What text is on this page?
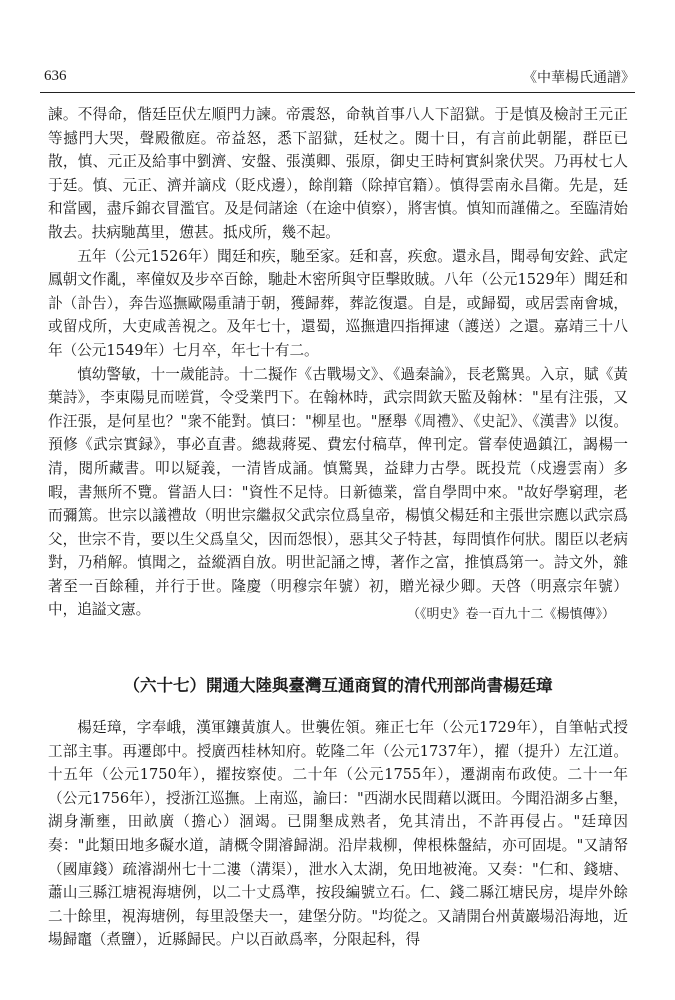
636	《中華楊氏通譜》

諫。不得命，偕廷臣伏左順門力諫。帝震怒，命執首事八人下詔獄。于是慎及檢討王元正等撼門大哭，聲殿徹庭。帝益怒，悉下詔獄，廷杖之。閱十日，有言前此朝罷，群臣已散，慎、元正及給事中劉濟、安盤、張漢卿、張原，御史王時柯實糾衆伏哭。乃再杖七人于廷。慎、元正、濟并謫戍（貶戍邊），餘削籍（除掉官籍）。慎得雲南永昌衛。先是，廷和當國，盡斥錦衣冒濫官。及是伺諸途（在途中偵察），將害慎。慎知而謹備之。至臨清始散去。扶病馳萬里，憊甚。抵戍所，幾不起。

五年（公元1526年）聞廷和疾，馳至家。廷和喜，疾愈。還永昌，聞尋甸安銓、武定鳳朝文作亂，率僮奴及步卒百餘，馳赴木密所與守臣擊敗賊。八年（公元1529年）聞廷和訃（訃告），奔告巡撫歐陽重請于朝，獲歸葬，葬訖復還。自是，或歸蜀，或居雲南會城，或留戍所，大吏咸善視之。及年七十，還蜀，巡撫遣四指揮逮（護送）之還。嘉靖三十八年（公元1549年）七月卒，年七十有二。

慎幼警敏，十一歲能詩。十二擬作《古戰場文》、《過秦論》，長老驚異。入京，賦《黃葉詩》，李東陽見而嗟賞，令受業門下。在翰林時，武宗問欽天監及翰林："星有注張，又作汪張，是何星也？"衆不能對。慎曰："柳星也。"歷舉《周禮》、《史記》、《漢書》以復。預修《武宗實録》，事必直書。總裁蔣冕、費宏付稿草，俾刊定。嘗奉使過鎮江，謁楊一清，閱所藏書。叩以疑義，一清皆成誦。慎驚異，益肆力古學。既投荒（戍邊雲南）多暇，書無所不覽。嘗語人曰："資性不足恃。日新德業，當自學問中來。"故好學窮理，老而彌篤。世宗以議禮故（明世宗繼叔父武宗位爲皇帝，楊慎父楊廷和主張世宗應以武宗爲父，世宗不肯，要以生父爲皇父，因而怨恨），惡其父子特甚，每問慎作何狀。閣臣以老病對，乃稍解。慎聞之，益縱酒自放。明世記誦之博，著作之富，推慎爲第一。詩文外，雜著至一百餘種，并行于世。隆慶（明穆宗年號）初，贈光禄少卿。天啓（明熹宗年號）中，追謚文憲。	（《明史》卷一百九十二《楊慎傳》）
（六十七）開通大陸與臺灣互通商貿的清代刑部尚書楊廷璋

楊廷璋，字奉峨，漢軍鑲黃旗人。世襲佐領。雍正七年（公元1729年），自筆帖式授工部主事。再遷郎中。授廣西桂林知府。乾隆二年（公元1737年），擢（提升）左江道。十五年（公元1750年），擢按察使。二十年（公元1755年），遷湖南布政使。二十一年（公元1756年），授浙江巡撫。上南巡，諭曰："西湖水民間藉以溉田。今聞沿湖多占墾，湖身漸壅，田畝廣（擔心）涸竭。已開墾成熟者，免其清出，不許再侵占。"廷璋因奏："此類田地多礙水道，請概令開濬歸湖。沿岸栽柳，俾根株盤結，亦可固堤。"又請帑（國庫錢）疏濬湖州七十二漊（溝渠），泄水入太湖，免田地被淹。又奏："仁和、錢塘、蕭山三縣江塘視海塘例，以二十丈爲準，按段編號立石。仁、錢二縣江塘民房，堤岸外餘二十餘里，視海塘例，每里設堡夫一，建堡分防。"均從之。又請開台州黃巖場沿海地，近場歸竈（煮鹽），近縣歸民。户以百畝爲率，分限起科，得
